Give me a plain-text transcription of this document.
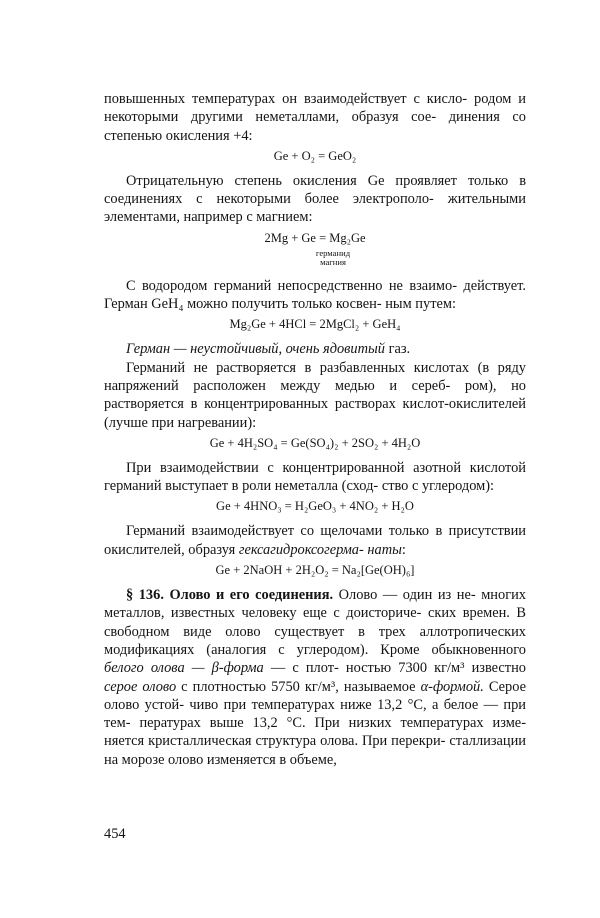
повышенных температурах он взаимодействует с кисло- родом и некоторыми другими неметаллами, образуя сое- динения со степенью окисления +4:

Ge + O₂ = GeO₂

Отрицательную степень окисления Ge проявляет только в соединениях с некоторыми более электрополо- жительными элементами, например с магнием:

2Mg + Ge = Mg₂Ge
германид
магния

С водородом германий непосредственно не взаимо- действует. Герман GeH₄ можно получить только косвен- ным путем:

Mg₂Ge + 4HCl = 2MgCl₂ + GeH₄

Герман — неустойчивый, очень ядовитый газ.

Германий не растворяется в разбавленных кислотах (в ряду напряжений расположен между медью и сереб- ром), но растворяется в концентрированных растворах кислот-окислителей (лучше при нагревании):

Ge + 4H₂SO₄ = Ge(SO₄)₂ + 2SO₂ + 4H₂O

При взаимодействии с концентрированной азотной кислотой германий выступает в роли неметалла (сход- ство с углеродом):

Ge + 4HNO₃ = H₂GeO₃ + 4NO₂ + H₂O

Германий взаимодействует со щелочами только в присутствии окислителей, образуя гексагидроксогерма- наты:

Ge + 2NaOH + 2H₂O₂ = Na₂[Ge(OH)₆]

§ 136. Олово и его соединения. Олово — один из не- многих металлов, известных человеку еще с доисториче- ских времен. В свободном виде олово существует в трех аллотропических модификациях (аналогия с углеродом). Кроме обыкновенного белого олова — β-форма — с плот- ностью 7300 кг/м³ известно серое олово с плотностью 5750 кг/м³, называемое α-формой. Серое олово устой- чиво при температурах ниже 13,2 °С, а белое — при тем- пературах выше 13,2 °С. При низких температурах изме- няется кристаллическая структура олова. При перекри- сталлизации на морозе олово изменяется в объеме,

454
